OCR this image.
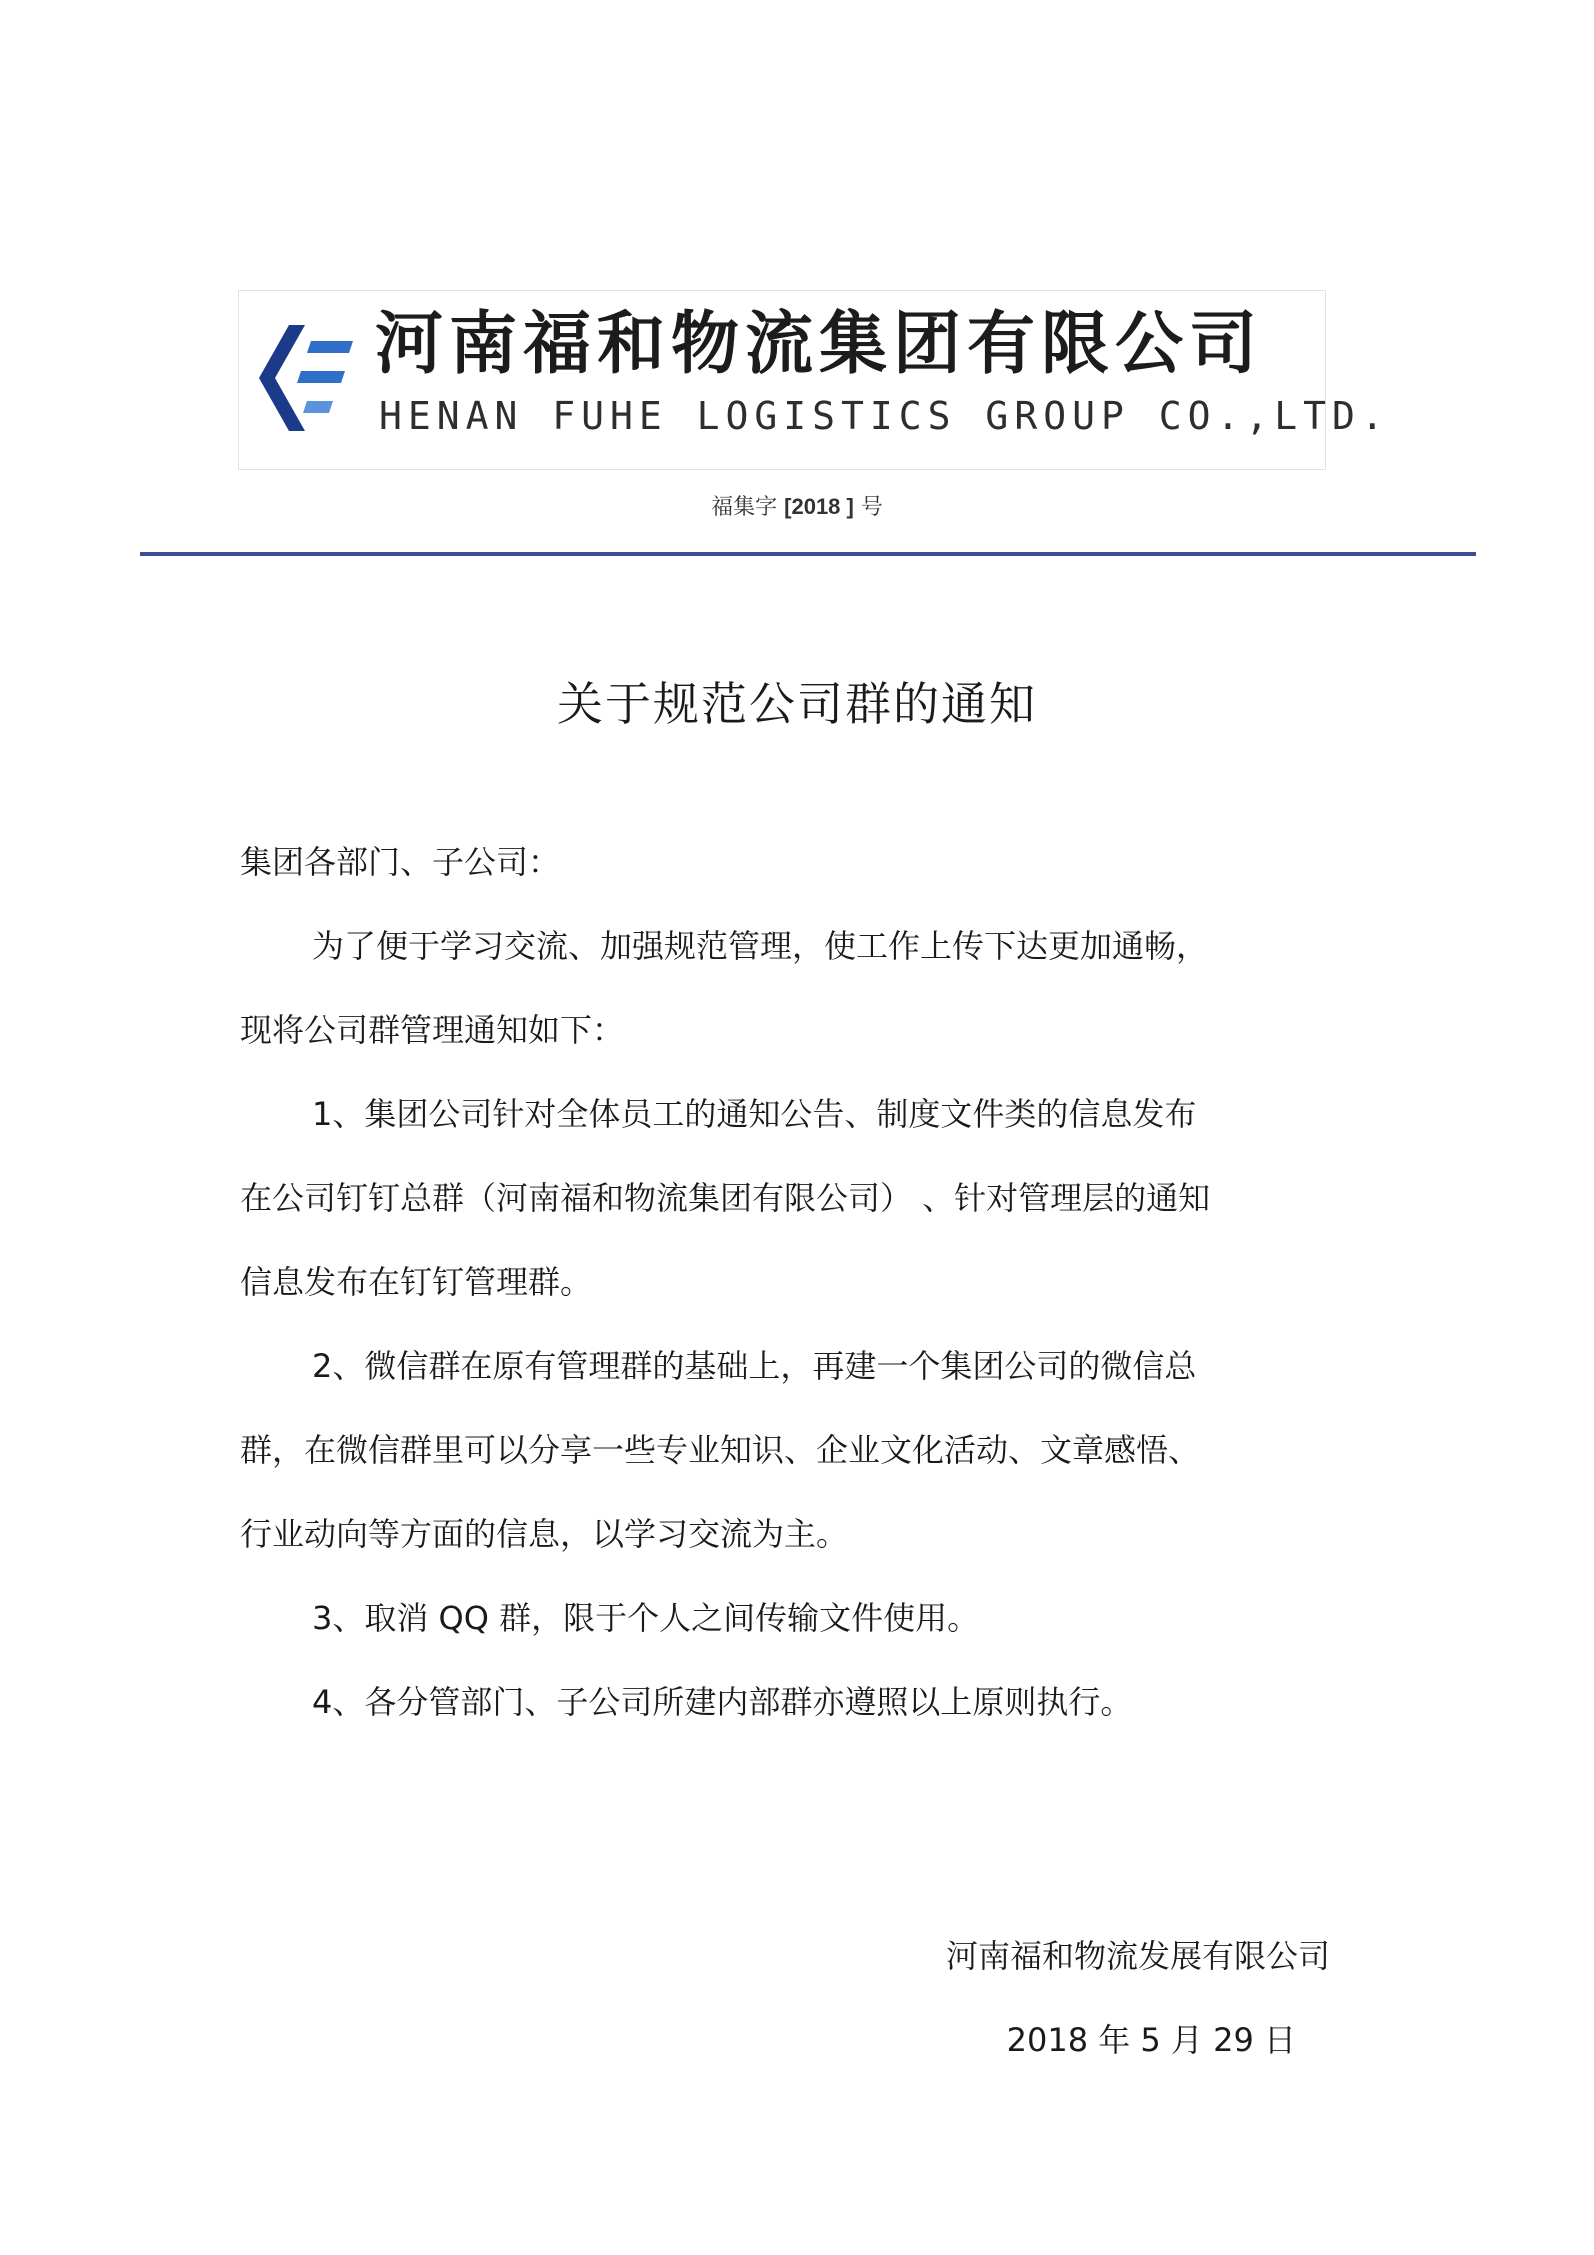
河南福和物流集团有限公司
HENAN FUHE LOGISTICS GROUP CO.,LTD.
福集字 [2018 ] 号
关于规范公司群的通知
集团各部门、子公司：
为了便于学习交流、加强规范管理，使工作上传下达更加通畅，
现将公司群管理通知如下：
1、集团公司针对全体员工的通知公告、制度文件类的信息发布
在公司钉钉总群（河南福和物流集团有限公司） 、针对管理层的通知
信息发布在钉钉管理群。
2、微信群在原有管理群的基础上，再建一个集团公司的微信总
群，在微信群里可以分享一些专业知识、企业文化活动、文章感悟、
行业动向等方面的信息，以学习交流为主。
3、取消 QQ 群，限于个人之间传输文件使用。
4、各分管部门、子公司所建内部群亦遵照以上原则执行。
河南福和物流发展有限公司
2018 年 5 月 29 日
